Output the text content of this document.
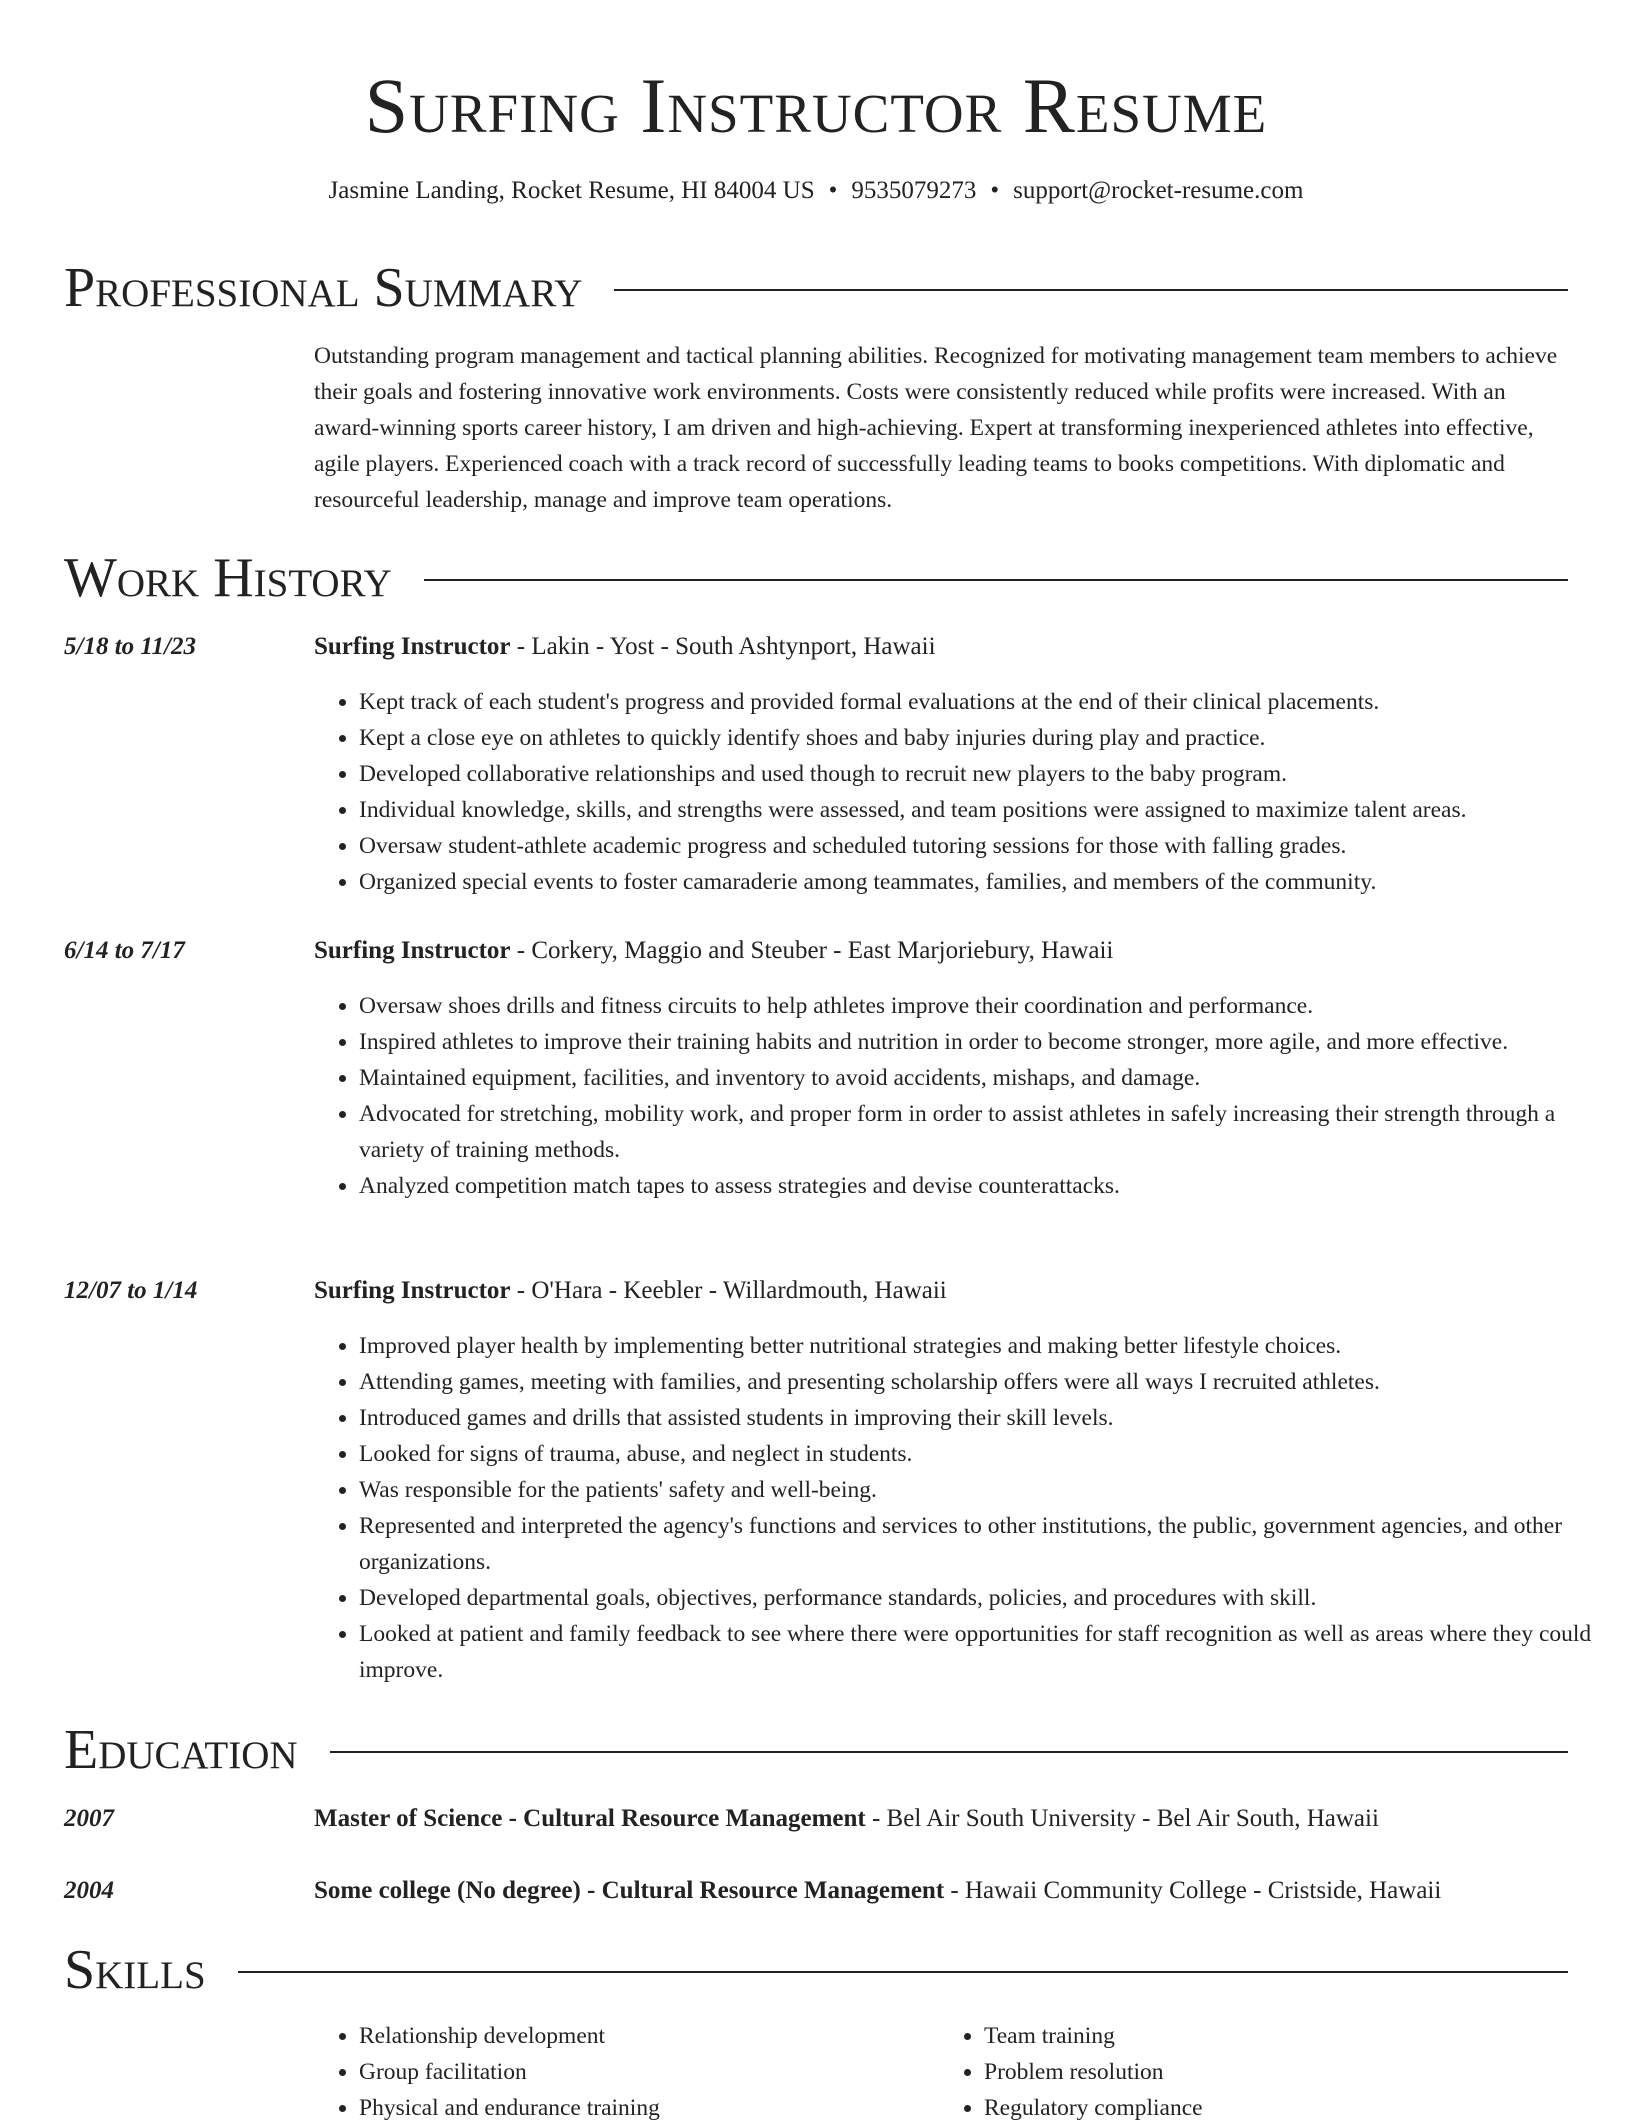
Surfing Instructor Resume
Jasmine Landing, Rocket Resume, HI 84004 US • 9535079273 • support@rocket-resume.com
Professional Summary

Outstanding program management and tactical planning abilities. Recognized for motivating management team members to achieve their goals and fostering innovative work environments. Costs were consistently reduced while profits were increased. With an award-winning sports career history, I am driven and high-achieving. Expert at transforming inexperienced athletes into effective, agile players. Experienced coach with a track record of successfully leading teams to books competitions. With diplomatic and resourceful leadership, manage and improve team operations.

Work History
5/18 to 11/23	Surfing Instructor - Lakin - Yost - South Ashtynport, Hawaii
• Kept track of each student's progress and provided formal evaluations at the end of their clinical placements.
• Kept a close eye on athletes to quickly identify shoes and baby injuries during play and practice.
• Developed collaborative relationships and used though to recruit new players to the baby program.
• Individual knowledge, skills, and strengths were assessed, and team positions were assigned to maximize talent areas.
• Oversaw student-athlete academic progress and scheduled tutoring sessions for those with falling grades.
• Organized special events to foster camaraderie among teammates, families, and members of the community.
6/14 to 7/17	Surfing Instructor - Corkery, Maggio and Steuber - East Marjoriebury, Hawaii
• Oversaw shoes drills and fitness circuits to help athletes improve their coordination and performance.
• Inspired athletes to improve their training habits and nutrition in order to become stronger, more agile, and more effective.
• Maintained equipment, facilities, and inventory to avoid accidents, mishaps, and damage.
• Advocated for stretching, mobility work, and proper form in order to assist athletes in safely increasing their strength through a variety of training methods.
• Analyzed competition match tapes to assess strategies and devise counterattacks.
12/07 to 1/14	Surfing Instructor - O'Hara - Keebler - Willardmouth, Hawaii
• Improved player health by implementing better nutritional strategies and making better lifestyle choices.
• Attending games, meeting with families, and presenting scholarship offers were all ways I recruited athletes.
• Introduced games and drills that assisted students in improving their skill levels.
• Looked for signs of trauma, abuse, and neglect in students.
• Was responsible for the patients' safety and well-being.
• Represented and interpreted the agency's functions and services to other institutions, the public, government agencies, and other organizations.
• Developed departmental goals, objectives, performance standards, policies, and procedures with skill.
• Looked at patient and family feedback to see where there were opportunities for staff recognition as well as areas where they could improve.
Education
2007	Master of Science - Cultural Resource Management - Bel Air South University - Bel Air South, Hawaii
2004	Some college (No degree) - Cultural Resource Management - Hawaii Community College - Cristside, Hawaii
Skills
• Relationship development
• Group facilitation
• Physical and endurance training
• Team training
• Problem resolution
• Regulatory compliance
